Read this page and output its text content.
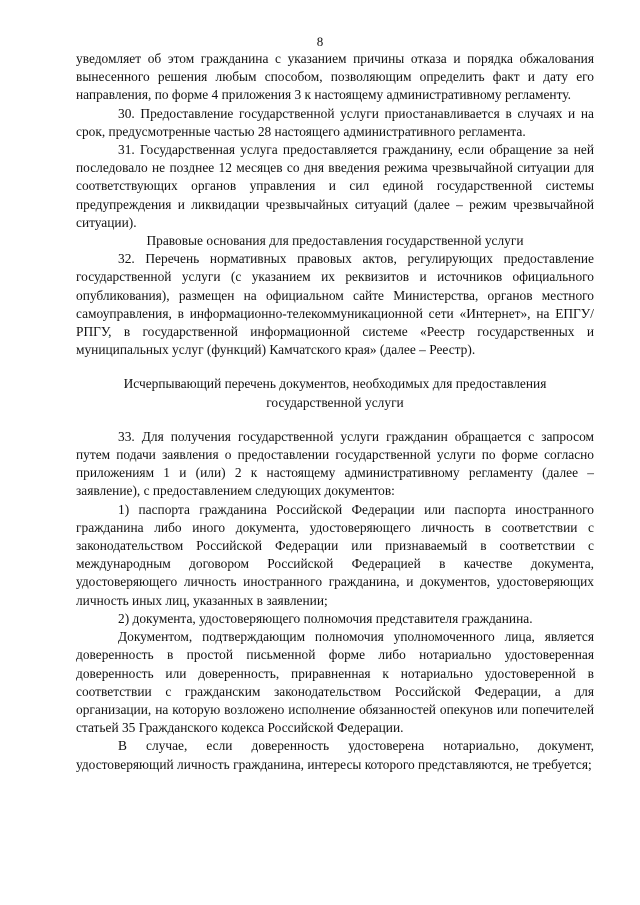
8

уведомляет об этом гражданина с указанием причины отказа и порядка обжалования вынесенного решения любым способом, позволяющим определить факт и дату его направления, по форме 4 приложения 3 к настоящему административному регламенту.

30. Предоставление государственной услуги приостанавливается в случаях и на срок, предусмотренные частью 28 настоящего административного регламента.

31. Государственная услуга предоставляется гражданину, если обращение за ней последовало не позднее 12 месяцев со дня введения режима чрезвычайной ситуации для соответствующих органов управления и сил единой государственной системы предупреждения и ликвидации чрезвычайных ситуаций (далее – режим чрезвычайной ситуации).

Правовые основания для предоставления государственной услуги

32. Перечень нормативных правовых актов, регулирующих предоставление государственной услуги (с указанием их реквизитов и источников официального опубликования), размещен на официальном сайте Министерства, органов местного самоуправления, в информационно-телекоммуникационной сети «Интернет», на ЕПГУ/РПГУ, в государственной информационной системе «Реестр государственных и муниципальных услуг (функций) Камчатского края» (далее – Реестр).

Исчерпывающий перечень документов, необходимых для предоставления государственной услуги

33. Для получения государственной услуги гражданин обращается с запросом путем подачи заявления о предоставлении государственной услуги по форме согласно приложениям 1 и (или) 2 к настоящему административному регламенту (далее – заявление), с предоставлением следующих документов:

1) паспорта гражданина Российской Федерации или паспорта иностранного гражданина либо иного документа, удостоверяющего личность в соответствии с законодательством Российской Федерации или признаваемый в соответствии с международным договором Российской Федерацией в качестве документа, удостоверяющего личность иностранного гражданина, и документов, удостоверяющих личность иных лиц, указанных в заявлении;

2) документа, удостоверяющего полномочия представителя гражданина.

Документом, подтверждающим полномочия уполномоченного лица, является доверенность в простой письменной форме либо нотариально удостоверенная доверенность или доверенность, приравненная к нотариально удостоверенной в соответствии с гражданским законодательством Российской Федерации, а для организации, на которую возложено исполнение обязанностей опекунов или попечителей статьей 35 Гражданского кодекса Российской Федерации.

В случае, если доверенность удостоверена нотариально, документ, удостоверяющий личность гражданина, интересы которого представляются, не требуется;
